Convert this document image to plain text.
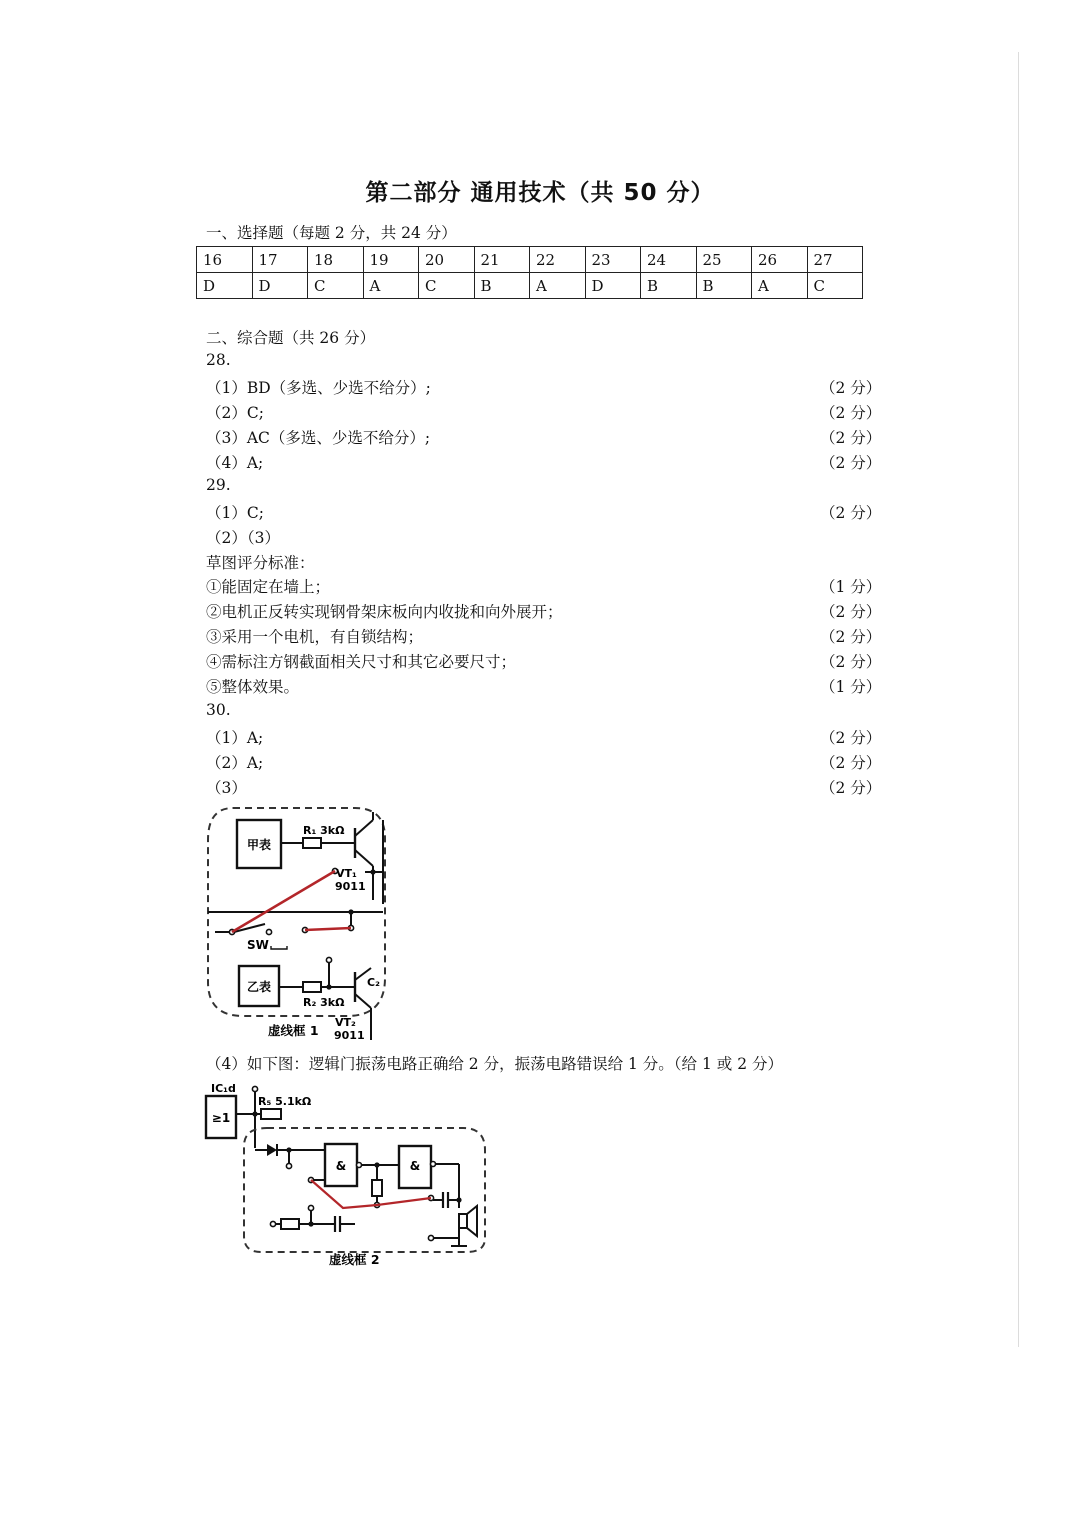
第二部分 通用技术（共 50 分）
一、选择题（每题 2 分，共 24 分）
16	17	18	19	20	21	22	23	24	25	26	27
D	D	C	A	C	B	A	D	B	B	A	C
二、综合题（共 26 分）
28.
（1）BD（多选、少选不给分）;	（2 分）
（2）C;	（2 分）
（3）AC（多选、少选不给分）;	（2 分）
（4）A;	（2 分）
29.
（1）C;	（2 分）
（2）（3）
草图评分标准：
①能固定在墙上；	（1 分）
②电机正反转实现钢骨架床板向内收拢和向外展开；	（2 分）
③采用一个电机，有自锁结构；	（2 分）
④需标注方钢截面相关尺寸和其它必要尺寸；	（2 分）
⑤整体效果。	（1 分）
30.
（1）A;	（2 分）
（2）A;	（2 分）
（3）	（2 分）
甲表
R₁ 3kΩ
VT₁
9011
SW
乙表
R₂ 3kΩ
C₂
VT₂
9011
虚线框 1
（4）如下图：逻辑门振荡电路正确给 2 分，振荡电路错误给 1 分。（给 1 或 2 分）
IC₁d
≥1
R₅ 5.1kΩ
&	&
虚线框 2
